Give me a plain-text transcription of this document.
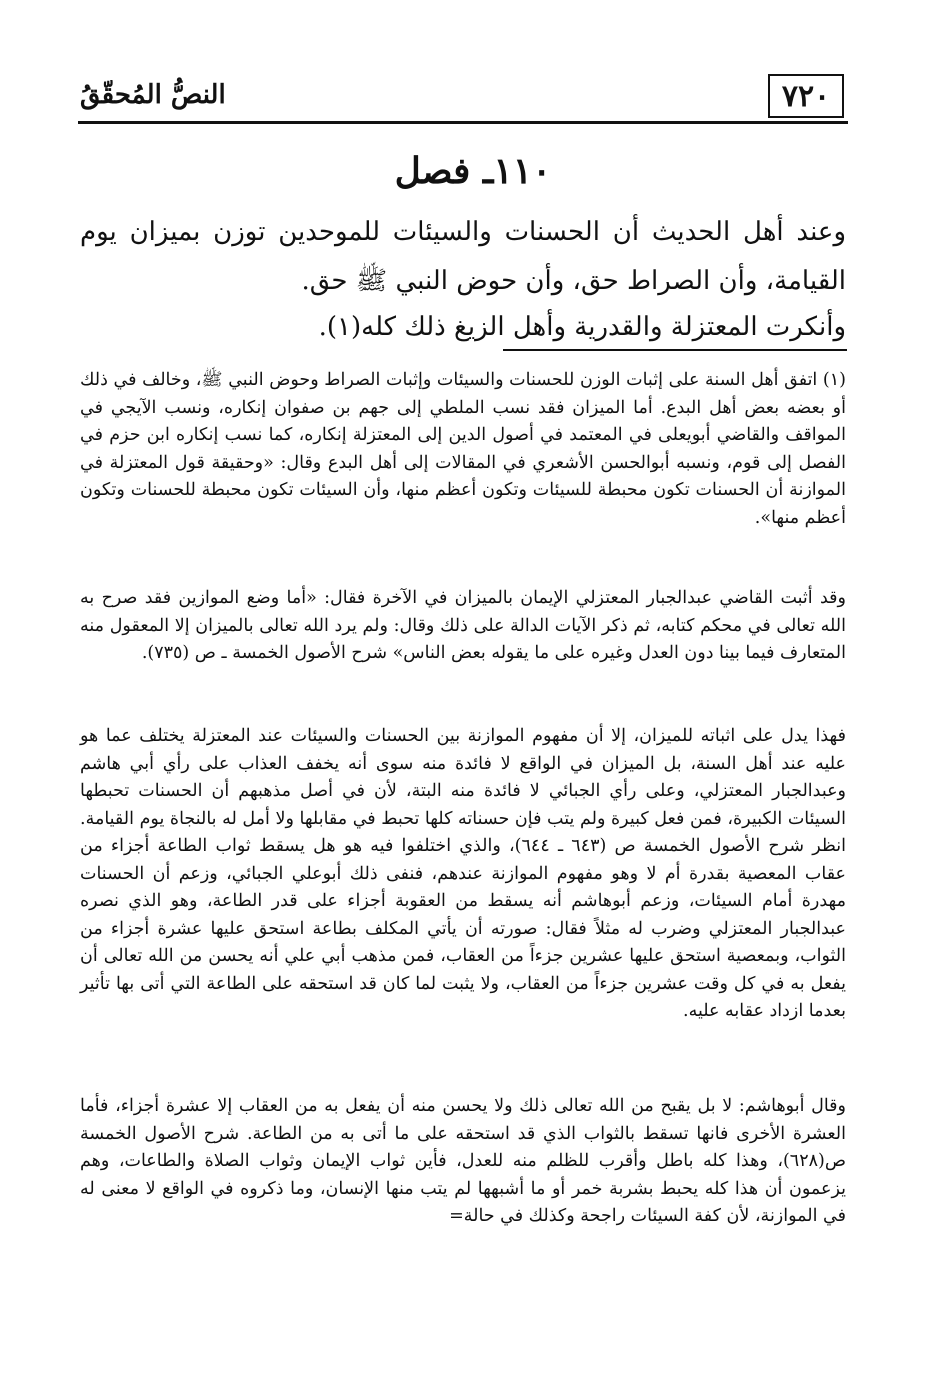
٧٢٠
النصُّ المُحقّقُ
١١٠ـ فصل
وعند أهل الحديث أن الحسنات والسيئات للموحدين توزن بميزان يوم القيامة، وأن الصراط حق، وأن حوض النبي ﷺ حق.
وأنكرت المعتزلة والقدرية وأهل الزيغ ذلك كله(١).
(١) اتفق أهل السنة على إثبات الوزن للحسنات والسيئات وإثبات الصراط وحوض النبي ﷺ، وخالف في ذلك أو بعضه بعض أهل البدع. أما الميزان فقد نسب الملطي إلى جهم بن صفوان إنكاره، ونسب الآيجي في المواقف والقاضي أبويعلى في المعتمد في أصول الدين إلى المعتزلة إنكاره، كما نسب إنكاره ابن حزم في الفصل إلى قوم، ونسبه أبوالحسن الأشعري في المقالات إلى أهل البدع وقال: «وحقيقة قول المعتزلة في الموازنة أن الحسنات تكون محبطة للسيئات وتكون أعظم منها، وأن السيئات تكون محبطة للحسنات وتكون أعظم منها».
وقد أثبت القاضي عبدالجبار المعتزلي الإيمان بالميزان في الآخرة فقال: «أما وضع الموازين فقد صرح به الله تعالى في محكم كتابه، ثم ذكر الآيات الدالة على ذلك وقال: ولم يرد الله تعالى بالميزان إلا المعقول منه المتعارف فيما بينا دون العدل وغيره على ما يقوله بعض الناس» شرح الأصول الخمسة ـ ص (٧٣٥).
فهذا يدل على اثباته للميزان، إلا أن مفهوم الموازنة بين الحسنات والسيئات عند المعتزلة يختلف عما هو عليه عند أهل السنة، بل الميزان في الواقع لا فائدة منه سوى أنه يخفف العذاب على رأي أبي هاشم وعبدالجبار المعتزلي، وعلى رأي الجبائي لا فائدة منه البتة، لأن في أصل مذهبهم أن الحسنات تحبطها السيئات الكبيرة، فمن فعل كبيرة ولم يتب فإن حسناته كلها تحبط في مقابلها ولا أمل له بالنجاة يوم القيامة. انظر شرح الأصول الخمسة ص (٦٤٣ ـ ٦٤٤)، والذي اختلفوا فيه هو هل يسقط ثواب الطاعة أجزاء من عقاب المعصية بقدرة أم لا وهو مفهوم الموازنة عندهم، فنفى ذلك أبوعلي الجبائي، وزعم أن الحسنات مهدرة أمام السيئات، وزعم أبوهاشم أنه يسقط من العقوبة أجزاء على قدر الطاعة، وهو الذي نصره عبدالجبار المعتزلي وضرب له مثلاً فقال: صورته أن يأتي المكلف بطاعة استحق عليها عشرة أجزاء من الثواب، وبمعصية استحق عليها عشرين جزءاً من العقاب، فمن مذهب أبي علي أنه يحسن من الله تعالى أن يفعل به في كل وقت عشرين جزءاً من العقاب، ولا يثبت لما كان قد استحقه على الطاعة التي أتى بها تأثير بعدما ازداد عقابه عليه.
وقال أبوهاشم: لا بل يقبح من الله تعالى ذلك ولا يحسن منه أن يفعل به من العقاب إلا عشرة أجزاء، فأما العشرة الأخرى فانها تسقط بالثواب الذي قد استحقه على ما أتى به من الطاعة. شرح الأصول الخمسة ص(٦٢٨)، وهذا كله باطل وأقرب للظلم منه للعدل، فأين ثواب الإيمان وثواب الصلاة والطاعات، وهم يزعمون أن هذا كله يحبط بشربة خمر أو ما أشبهها لم يتب منها الإنسان، وما ذكروه في الواقع لا معنى له في الموازنة، لأن كفة السيئات راجحة وكذلك في حالة=
